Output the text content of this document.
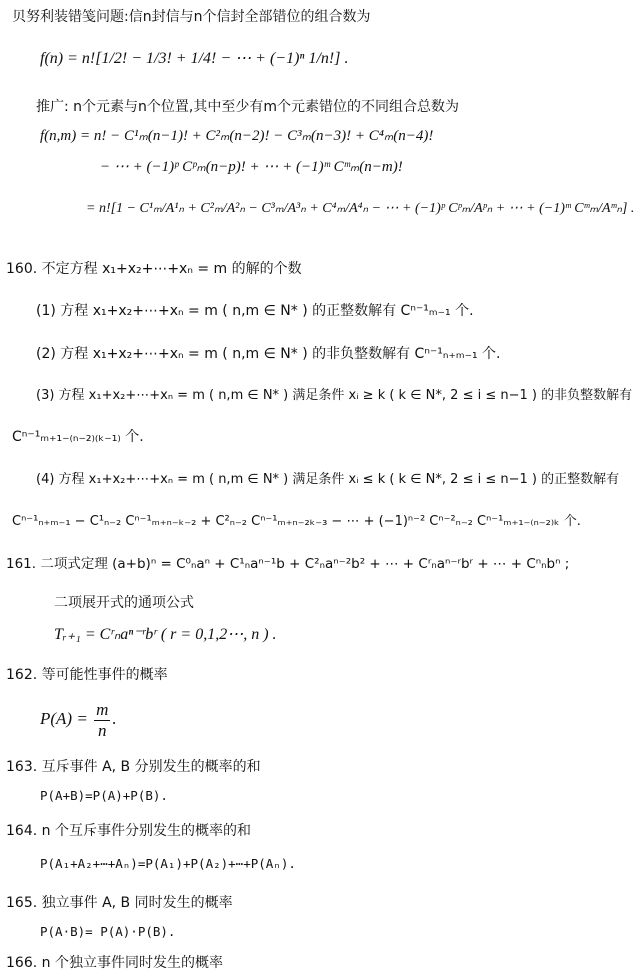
贝努利装错笺问题:信n封信与n个信封全部错位的组合数为
f(n) = n![1/2! − 1/3! + 1/4! − ⋯ + (−1)ⁿ 1/n!] .
推广: n个元素与n个位置,其中至少有m个元素错位的不同组合总数为
f(n,m) = n! − C¹ₘ(n−1)! + C²ₘ(n−2)! − C³ₘ(n−3)! + C⁴ₘ(n−4)!
− ⋯ + (−1)ᵖ Cᵖₘ(n−p)! + ⋯ + (−1)ᵐ Cᵐₘ(n−m)!
= n![1 − C¹ₘ/A¹ₙ + C²ₘ/A²ₙ − C³ₘ/A³ₙ + C⁴ₘ/A⁴ₙ − ⋯ + (−1)ᵖ Cᵖₘ/Aᵖₙ + ⋯ + (−1)ᵐ Cᵐₘ/Aᵐₙ] .
160. 不定方程 x₁+x₂+⋯+xₙ = m 的解的个数
(1) 方程 x₁+x₂+⋯+xₙ = m ( n,m ∈ N* ) 的正整数解有 Cⁿ⁻¹ₘ₋₁ 个.
(2) 方程 x₁+x₂+⋯+xₙ = m ( n,m ∈ N* ) 的非负整数解有 Cⁿ⁻¹ₙ₊ₘ₋₁ 个.
(3) 方程 x₁+x₂+⋯+xₙ = m ( n,m ∈ N* ) 满足条件 xᵢ ≥ k ( k ∈ N*, 2 ≤ i ≤ n−1 ) 的非负整数解有
Cⁿ⁻¹ₘ₊₁₋₍ₙ₋₂₎₍ₖ₋₁₎ 个.
(4) 方程 x₁+x₂+⋯+xₙ = m ( n,m ∈ N* ) 满足条件 xᵢ ≤ k ( k ∈ N*, 2 ≤ i ≤ n−1 ) 的正整数解有
Cⁿ⁻¹ₙ₊ₘ₋₁ − C¹ₙ₋₂ Cⁿ⁻¹ₘ₊ₙ₋ₖ₋₂ + C²ₙ₋₂ Cⁿ⁻¹ₘ₊ₙ₋₂ₖ₋₃ − ⋯ + (−1)ⁿ⁻² Cⁿ⁻²ₙ₋₂ Cⁿ⁻¹ₘ₊₁₋₍ₙ₋₂₎ₖ 个.
161. 二项式定理 (a+b)ⁿ = C⁰ₙaⁿ + C¹ₙaⁿ⁻¹b + C²ₙaⁿ⁻²b² + ⋯ + Cʳₙaⁿ⁻ʳbʳ + ⋯ + Cⁿₙbⁿ ;
二项展开式的通项公式
Tᵣ₊₁ = Cʳₙaⁿ⁻ʳbʳ ( r = 0,1,2⋯, n ) .
162. 等可能性事件的概率
$P(A) = \frac{m}{n}$ .
163. 互斥事件 A, B 分别发生的概率的和
P(A+B)=P(A)+P(B).
164. n 个互斥事件分别发生的概率的和
P(A₁+A₂+⋯+Aₙ)=P(A₁)+P(A₂)+⋯+P(Aₙ).
165. 独立事件 A, B 同时发生的概率
P(A·B)= P(A)·P(B).
166. n 个独立事件同时发生的概率
